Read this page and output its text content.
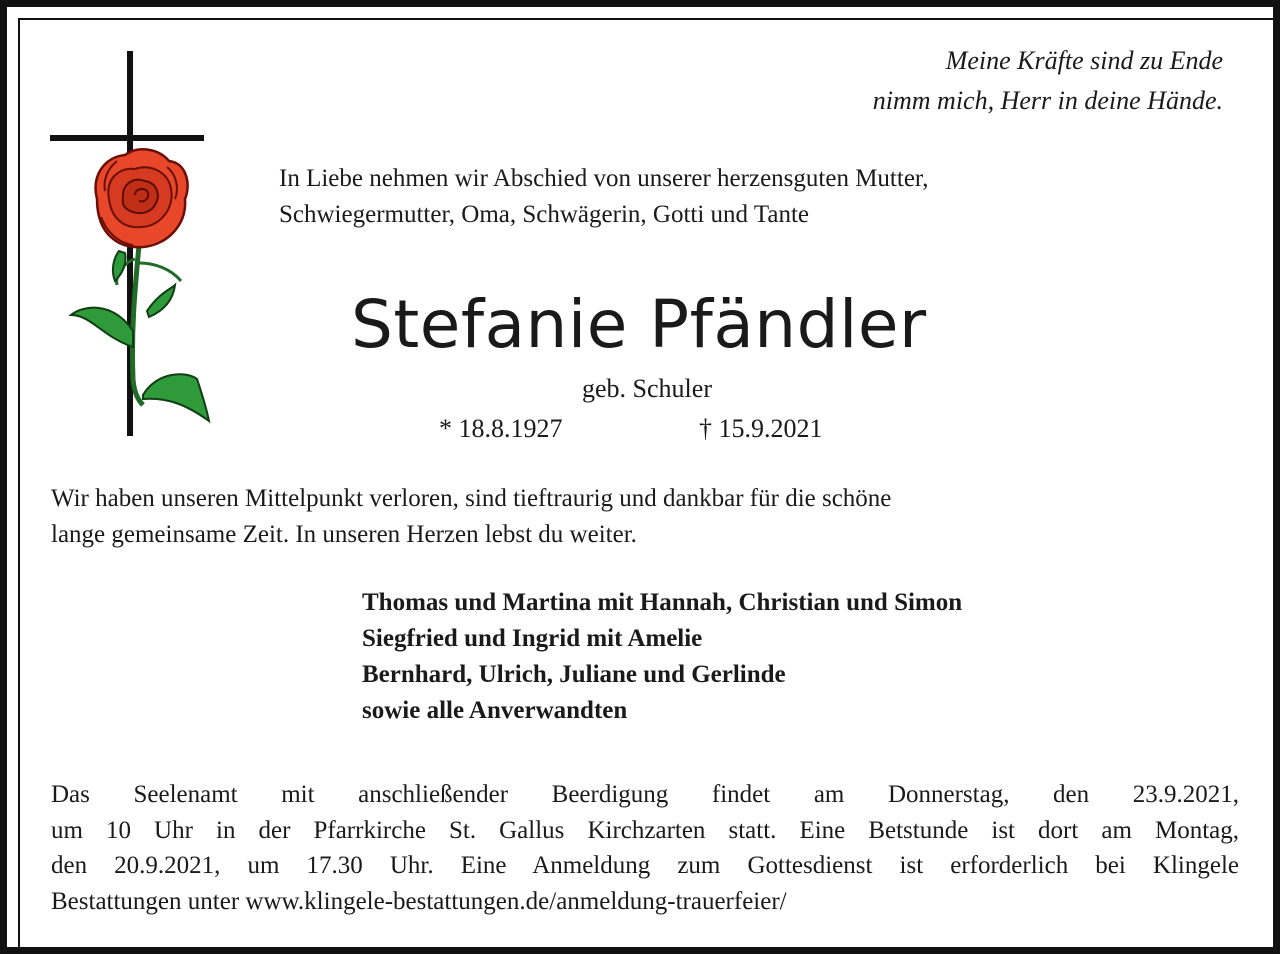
Meine Kräfte sind zu Ende
nimm mich, Herr in deine Hände.
In Liebe nehmen wir Abschied von unserer herzensguten Mutter,
Schwiegermutter, Oma, Schwägerin, Gotti und Tante
Stefanie Pfändler
geb. Schuler
* 18.8.1927	† 15.9.2021
Wir haben unseren Mittelpunkt verloren, sind tieftraurig und dankbar für die schöne
lange gemeinsame Zeit. In unseren Herzen lebst du weiter.
Thomas und Martina mit Hannah, Christian und Simon
Siegfried und Ingrid mit Amelie
Bernhard, Ulrich, Juliane und Gerlinde
sowie alle Anverwandten
Das Seelenamt mit anschließender Beerdigung findet am Donnerstag, den 23.9.2021,
um 10 Uhr in der Pfarrkirche St. Gallus Kirchzarten statt. Eine Betstunde ist dort am Montag,
den 20.9.2021, um 17.30 Uhr. Eine Anmeldung zum Gottesdienst ist erforderlich bei Klingele
Bestattungen unter www.klingele-bestattungen.de/anmeldung-trauerfeier/
